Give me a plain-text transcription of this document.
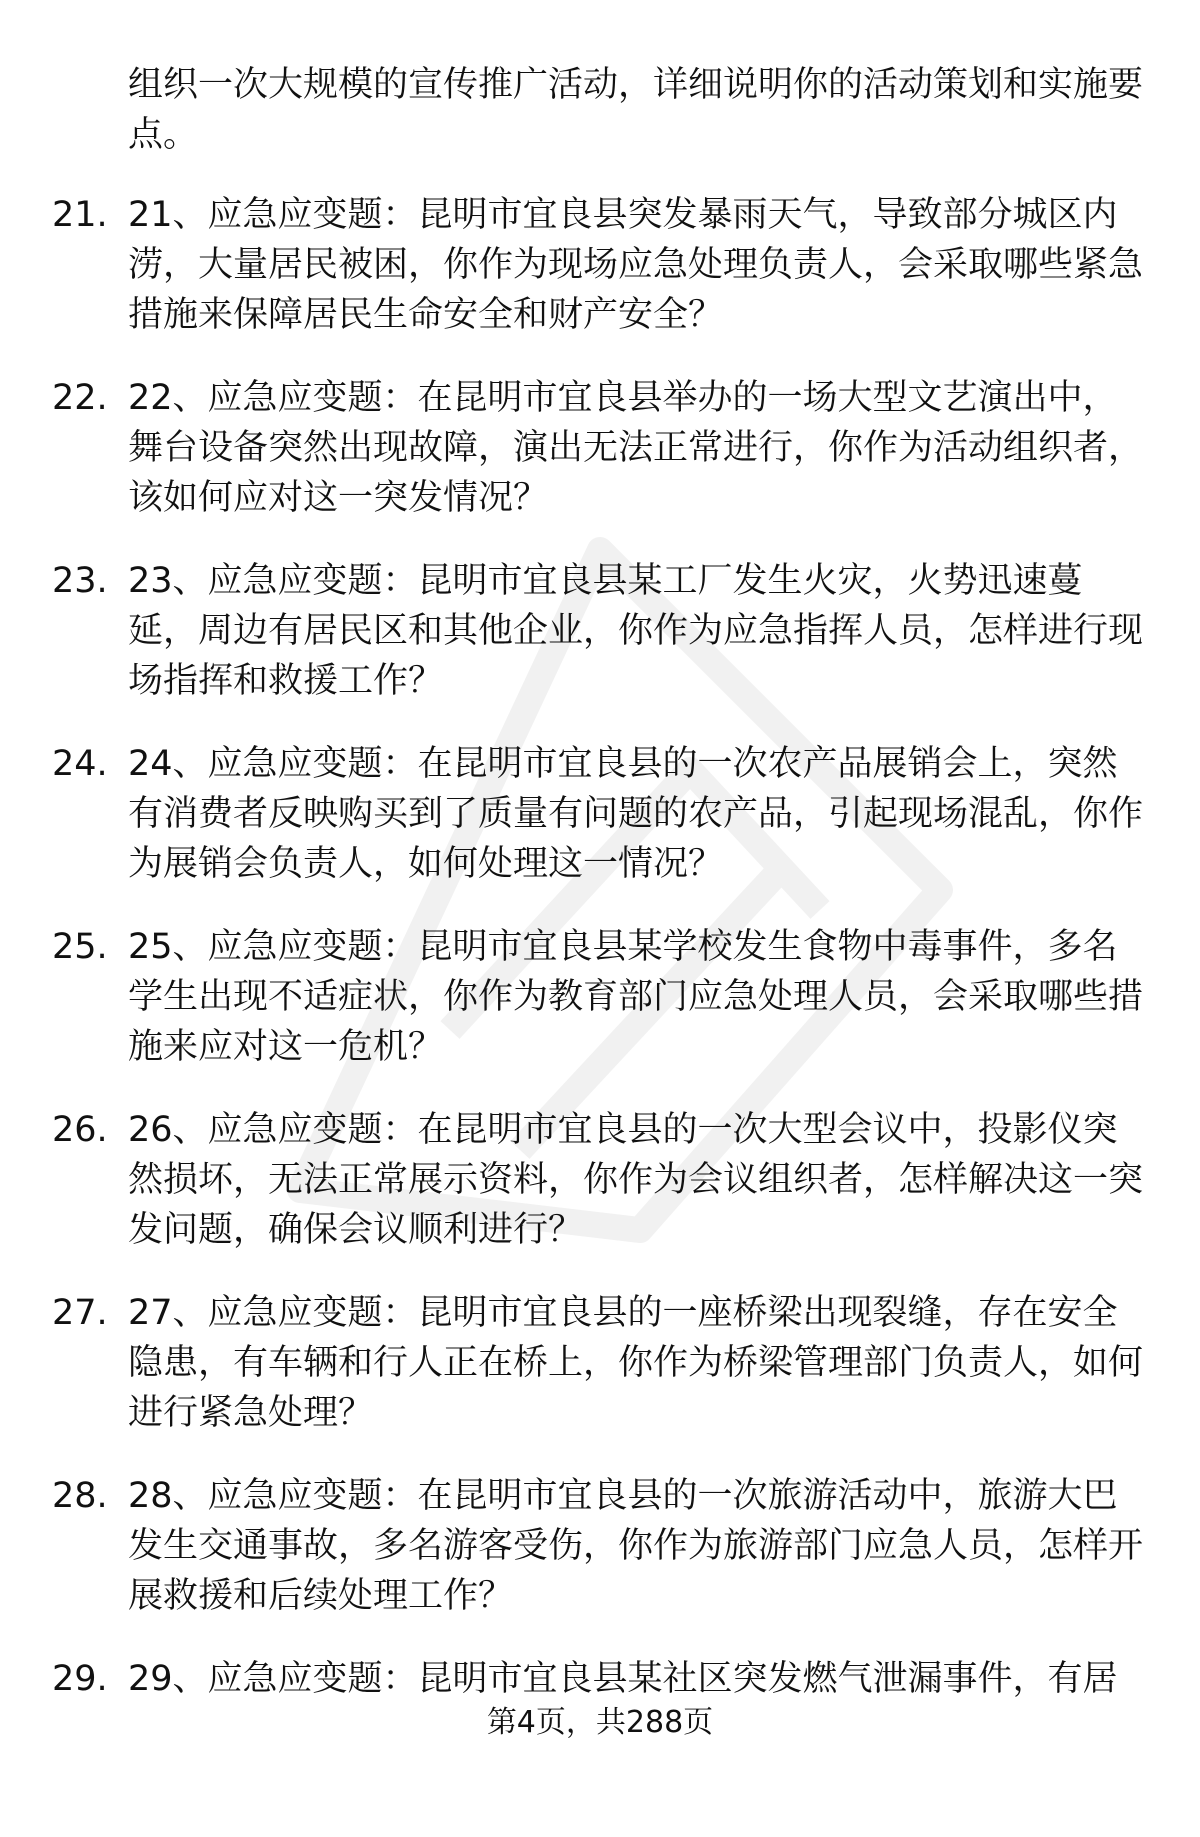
组织一次大规模的宣传推广活动，详细说明你的活动策划和实施要点。

21. 21、应急应变题：昆明市宜良县突发暴雨天气，导致部分城区内涝，大量居民被困，你作为现场应急处理负责人，会采取哪些紧急措施来保障居民生命安全和财产安全？
22. 22、应急应变题：在昆明市宜良县举办的一场大型文艺演出中，舞台设备突然出现故障，演出无法正常进行，你作为活动组织者，该如何应对这一突发情况？
23. 23、应急应变题：昆明市宜良县某工厂发生火灾，火势迅速蔓延，周边有居民区和其他企业，你作为应急指挥人员，怎样进行现场指挥和救援工作？
24. 24、应急应变题：在昆明市宜良县的一次农产品展销会上，突然有消费者反映购买到了质量有问题的农产品，引起现场混乱，你作为展销会负责人，如何处理这一情况？
25. 25、应急应变题：昆明市宜良县某学校发生食物中毒事件，多名学生出现不适症状，你作为教育部门应急处理人员，会采取哪些措施来应对这一危机？
26. 26、应急应变题：在昆明市宜良县的一次大型会议中，投影仪突然损坏，无法正常展示资料，你作为会议组织者，怎样解决这一突发问题，确保会议顺利进行？
27. 27、应急应变题：昆明市宜良县的一座桥梁出现裂缝，存在安全隐患，有车辆和行人正在桥上，你作为桥梁管理部门负责人，如何进行紧急处理？
28. 28、应急应变题：在昆明市宜良县的一次旅游活动中，旅游大巴发生交通事故，多名游客受伤，你作为旅游部门应急人员，怎样开展救援和后续处理工作？
29. 29、应急应变题：昆明市宜良县某社区突发燃气泄漏事件，有居
第4页，共288页
